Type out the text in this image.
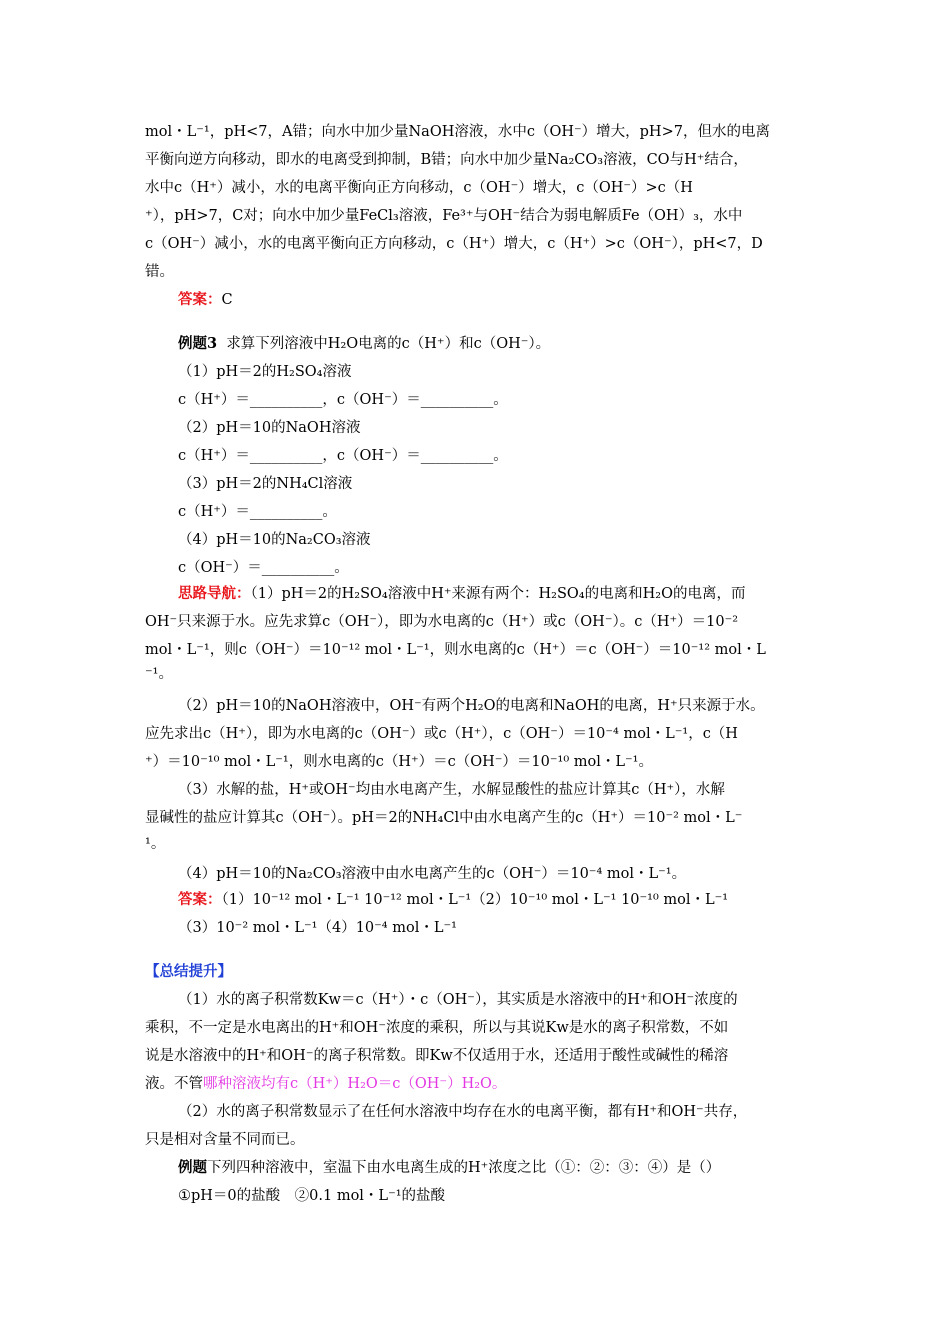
mol・L⁻¹，pH<7，A错；向水中加少量NaOH溶液，水中c（OH⁻）增大，pH>7，但水的电离
平衡向逆方向移动，即水的电离受到抑制，B错；向水中加少量Na₂CO₃溶液，CO与H⁺结合，
水中c（H⁺）减小，水的电离平衡向正方向移动，c（OH⁻）增大，c（OH⁻）>c（H
⁺），pH>7，C对；向水中加少量FeCl₃溶液，Fe³⁺与OH⁻结合为弱电解质Fe（OH）₃，水中
c（OH⁻）减小，水的电离平衡向正方向移动，c（H⁺）增大，c（H⁺）>c（OH⁻），pH<7，D
错。
答案：C
例题3 求算下列溶液中H₂O电离的c（H⁺）和c（OH⁻）。
（1）pH＝2的H₂SO₄溶液
c（H⁺）＝__________，c（OH⁻）＝__________。
（2）pH＝10的NaOH溶液
c（H⁺）＝__________，c（OH⁻）＝__________。
（3）pH＝2的NH₄Cl溶液
c（H⁺）＝__________。
（4）pH＝10的Na₂CO₃溶液
c（OH⁻）＝__________。
思路导航：（1）pH＝2的H₂SO₄溶液中H⁺来源有两个：H₂SO₄的电离和H₂O的电离，而
OH⁻只来源于水。应先求算c（OH⁻），即为水电离的c（H⁺）或c（OH⁻）。c（H⁺）＝10⁻²
mol・L⁻¹，则c（OH⁻）＝10⁻¹² mol・L⁻¹，则水电离的c（H⁺）＝c（OH⁻）＝10⁻¹² mol・L
⁻¹。
（2）pH＝10的NaOH溶液中，OH⁻有两个H₂O的电离和NaOH的电离，H⁺只来源于水。
应先求出c（H⁺），即为水电离的c（OH⁻）或c（H⁺），c（OH⁻）＝10⁻⁴ mol・L⁻¹，c（H
⁺）＝10⁻¹⁰ mol・L⁻¹，则水电离的c（H⁺）＝c（OH⁻）＝10⁻¹⁰ mol・L⁻¹。
（3）水解的盐，H⁺或OH⁻均由水电离产生，水解显酸性的盐应计算其c（H⁺），水解
显碱性的盐应计算其c（OH⁻）。pH＝2的NH₄Cl中由水电离产生的c（H⁺）＝10⁻² mol・L⁻
¹。
（4）pH＝10的Na₂CO₃溶液中由水电离产生的c（OH⁻）＝10⁻⁴ mol・L⁻¹。
答案：（1）10⁻¹² mol・L⁻¹ 10⁻¹² mol・L⁻¹（2）10⁻¹⁰ mol・L⁻¹ 10⁻¹⁰ mol・L⁻¹
（3）10⁻² mol・L⁻¹（4）10⁻⁴ mol・L⁻¹
【总结提升】
（1）水的离子积常数Kw＝c（H⁺）・c（OH⁻），其实质是水溶液中的H⁺和OH⁻浓度的
乘积，不一定是水电离出的H⁺和OH⁻浓度的乘积，所以与其说Kw是水的离子积常数，不如
说是水溶液中的H⁺和OH⁻的离子积常数。即Kw不仅适用于水，还适用于酸性或碱性的稀溶
液。不管哪种溶液均有c（H⁺）H₂O＝c（OH⁻）H₂O。
（2）水的离子积常数显示了在任何水溶液中均存在水的电离平衡，都有H⁺和OH⁻共存，
只是相对含量不同而已。
例题下列四种溶液中，室温下由水电离生成的H⁺浓度之比（①：②：③：④）是（）
①pH＝0的盐酸　②0.1 mol・L⁻¹的盐酸
